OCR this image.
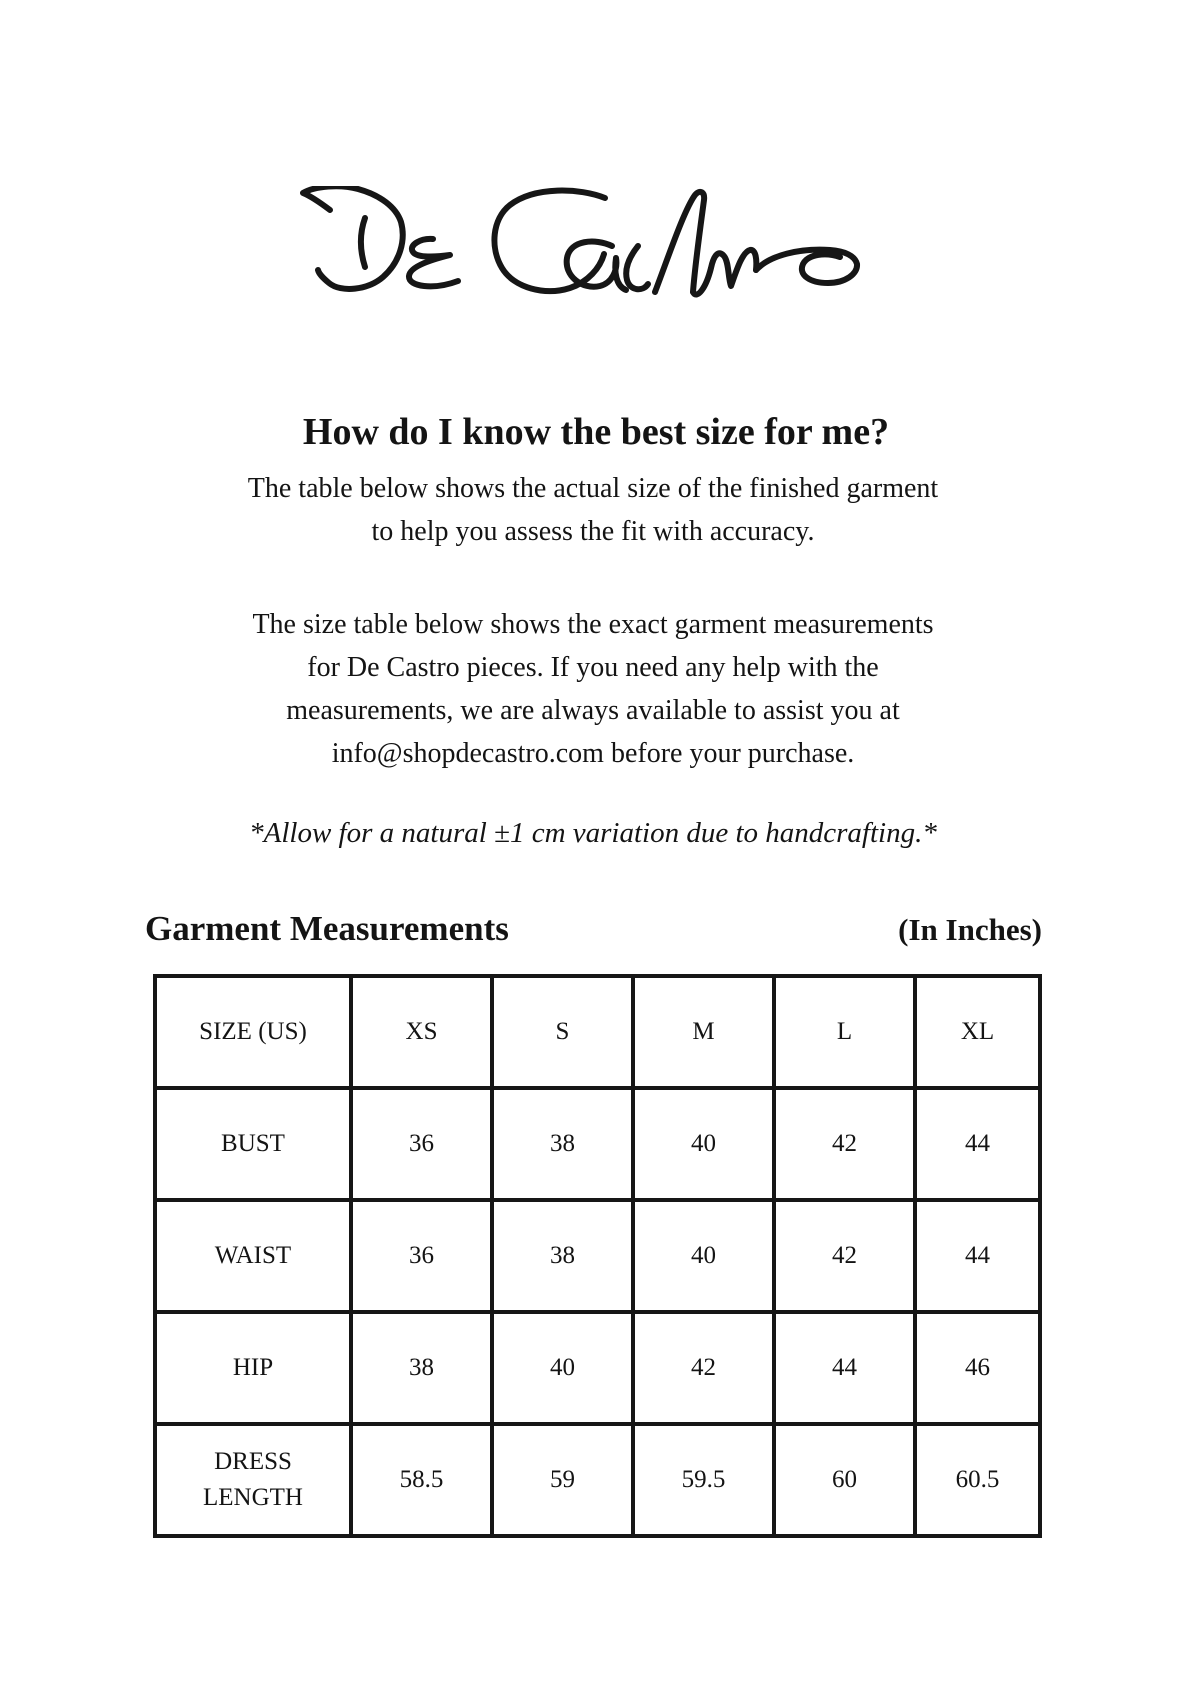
How do I know the best size for me?
The table below shows the actual size of the finished garment
to help you assess the fit with accuracy.
The size table below shows the exact garment measurements
for De Castro pieces. If you need any help with the
measurements, we are always available to assist you at
info@shopdecastro.com before your purchase.
*Allow for a natural ±1 cm variation due to handcrafting.*
Garment Measurements	(In Inches)
SIZE (US)	XS	S	M	L	XL

BUST	36	38	40	42	44

WAIST	36	38	40	42	44

HIP	38	40	42	44	46

DRESS LENGTH	58.5	59	59.5	60	60.5
